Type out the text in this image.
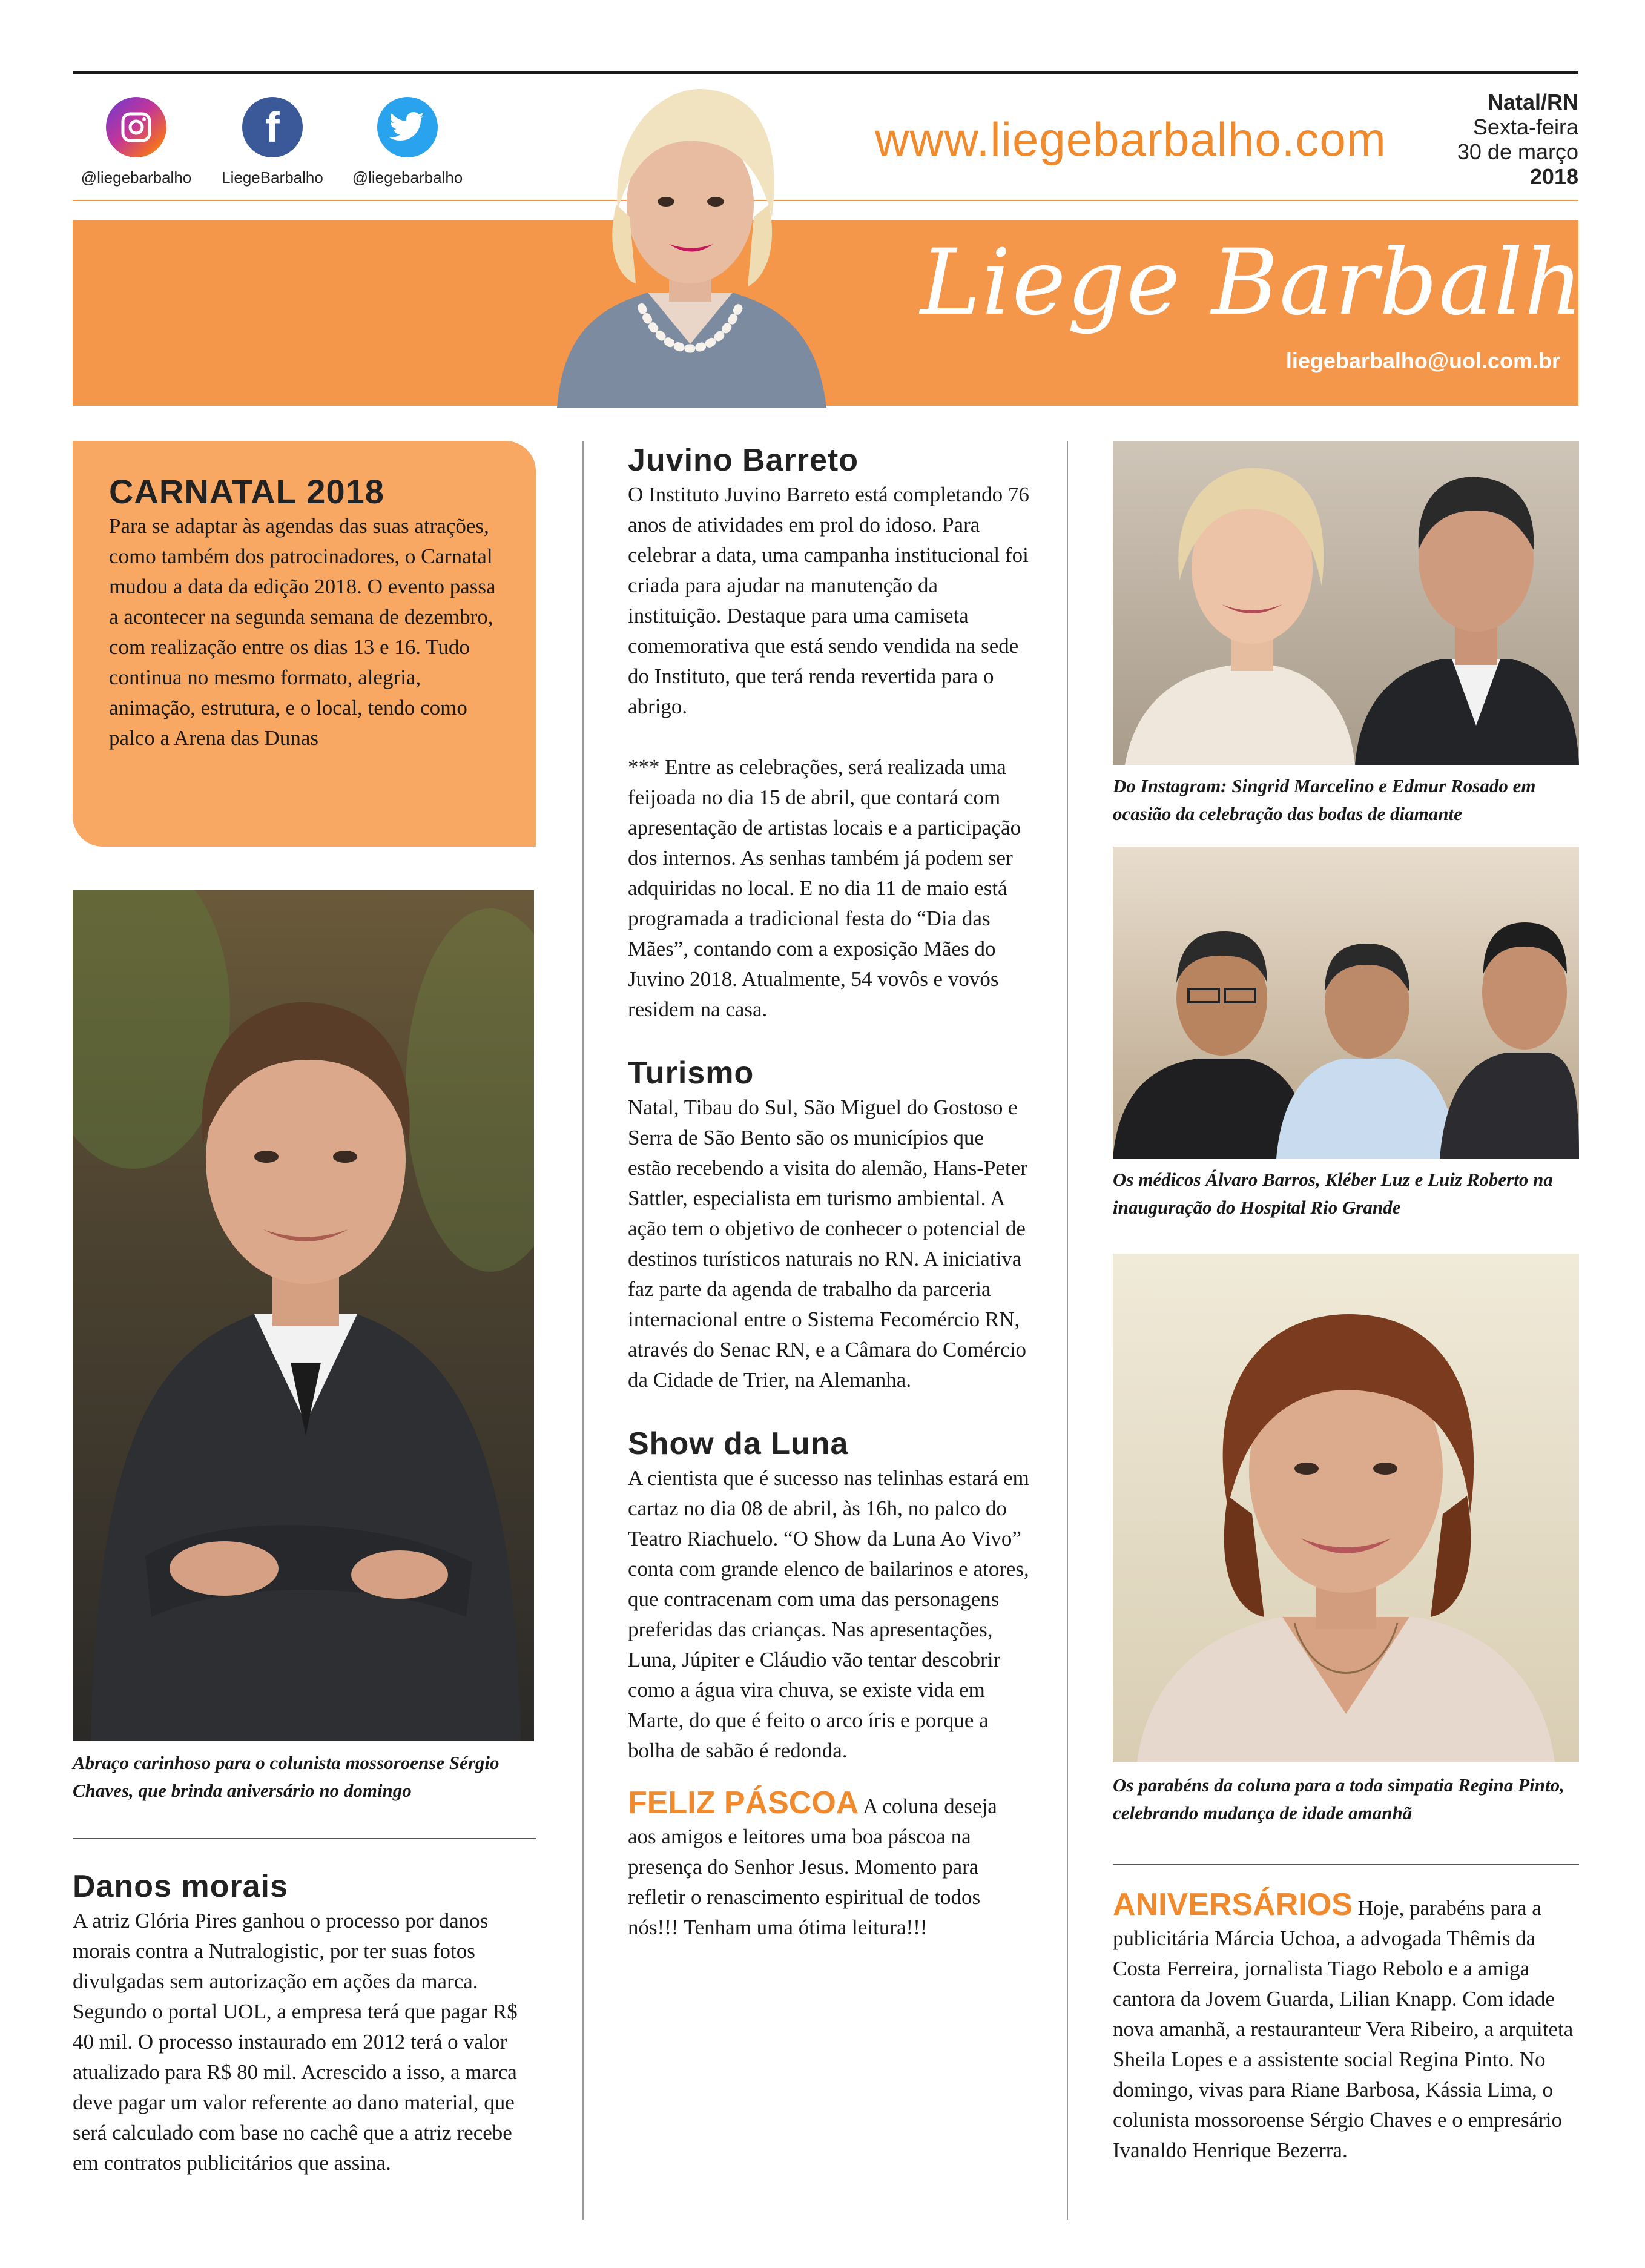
@liegebarbalho
f
LiegeBarbalho	@liegebarbalho
www.liegebarbalho.com
Natal/RN
Sexta-feira
30 de março
2018
Liege Barbalho
liegebarbalho@uol.com.br
CARNATAL 2018

Para se adaptar às agendas das suas atrações, como também dos patrocinadores, o Carnatal mudou a data da edição 2018. O evento passa a acontecer na segunda semana de dezembro, com realização entre os dias 13 e 16. Tudo continua no mesmo formato, alegria, animação, estrutura, e o local, tendo como palco a Arena das Dunas

Abraço carinhoso para o colunista mossoroense Sérgio Chaves, que brinda aniversário no domingo
Danos morais

A atriz Glória Pires ganhou o processo por danos morais contra a Nutralogistic, por ter suas fotos divulgadas sem autorização em ações da marca. Segundo o portal UOL, a empresa terá que pagar R$ 40 mil. O processo instaurado em 2012 terá o valor atualizado para R$ 80 mil. Acrescido a isso, a marca deve pagar um valor referente ao dano material, que será calculado com base no cachê que a atriz recebe em contratos publicitários que assina.

Juvino Barreto

O Instituto Juvino Barreto está completando 76 anos de atividades em prol do idoso. Para celebrar a data, uma campanha institucional foi criada para ajudar na manutenção da instituição. Destaque para uma camiseta comemorativa que está sendo vendida na sede do Instituto, que terá renda revertida para o abrigo.

*** Entre as celebrações, será realizada uma feijoada no dia 15 de abril, que contará com apresentação de artistas locais e a participação dos internos. As senhas também já podem ser adquiridas no local. E no dia 11 de maio está programada a tradicional festa do “Dia das Mães”, contando com a exposição Mães do Juvino 2018. Atualmente, 54 vovôs e vovós residem na casa.

Turismo

Natal, Tibau do Sul, São Miguel do Gostoso e Serra de São Bento são os municípios que estão recebendo a visita do alemão, Hans-Peter Sattler, especialista em turismo ambiental. A ação tem o objetivo de conhecer o potencial de destinos turísticos naturais no RN. A iniciativa faz parte da agenda de trabalho da parceria internacional entre o Sistema Fecomércio RN, através do Senac RN, e a Câmara do Comércio da Cidade de Trier, na Alemanha.

Show da Luna

A cientista que é sucesso nas telinhas estará em cartaz no dia 08 de abril, às 16h, no palco do Teatro Riachuelo. “O Show da Luna Ao Vivo” conta com grande elenco de bailarinos e atores, que contracenam com uma das personagens preferidas das crianças. Nas apresentações, Luna, Júpiter e Cláudio vão tentar descobrir como a água vira chuva, se existe vida em Marte, do que é feito o arco íris e porque a bolha de sabão é redonda.

FELIZ PÁSCOA A coluna deseja aos amigos e leitores uma boa páscoa na presença do Senhor Jesus. Momento para refletir o renascimento espiritual de todos nós!!! Tenham uma ótima leitura!!!

Do Instagram: Singrid Marcelino e Edmur Rosado em ocasião da celebração das bodas de diamante
Os médicos Álvaro Barros, Kléber Luz e Luiz Roberto na inauguração do Hospital Rio Grande
Os parabéns da coluna para a toda simpatia Regina Pinto, celebrando mudança de idade amanhã

ANIVERSÁRIOS Hoje, parabéns para a publicitária Márcia Uchoa, a advogada Thêmis da Costa Ferreira, jornalista Tiago Rebolo e a amiga cantora da Jovem Guarda, Lilian Knapp. Com idade nova amanhã, a restauranteur Vera Ribeiro, a arquiteta Sheila Lopes e a assistente social Regina Pinto. No domingo, vivas para Riane Barbosa, Kássia Lima, o colunista mossoroense Sérgio Chaves e o empresário Ivanaldo Henrique Bezerra.
